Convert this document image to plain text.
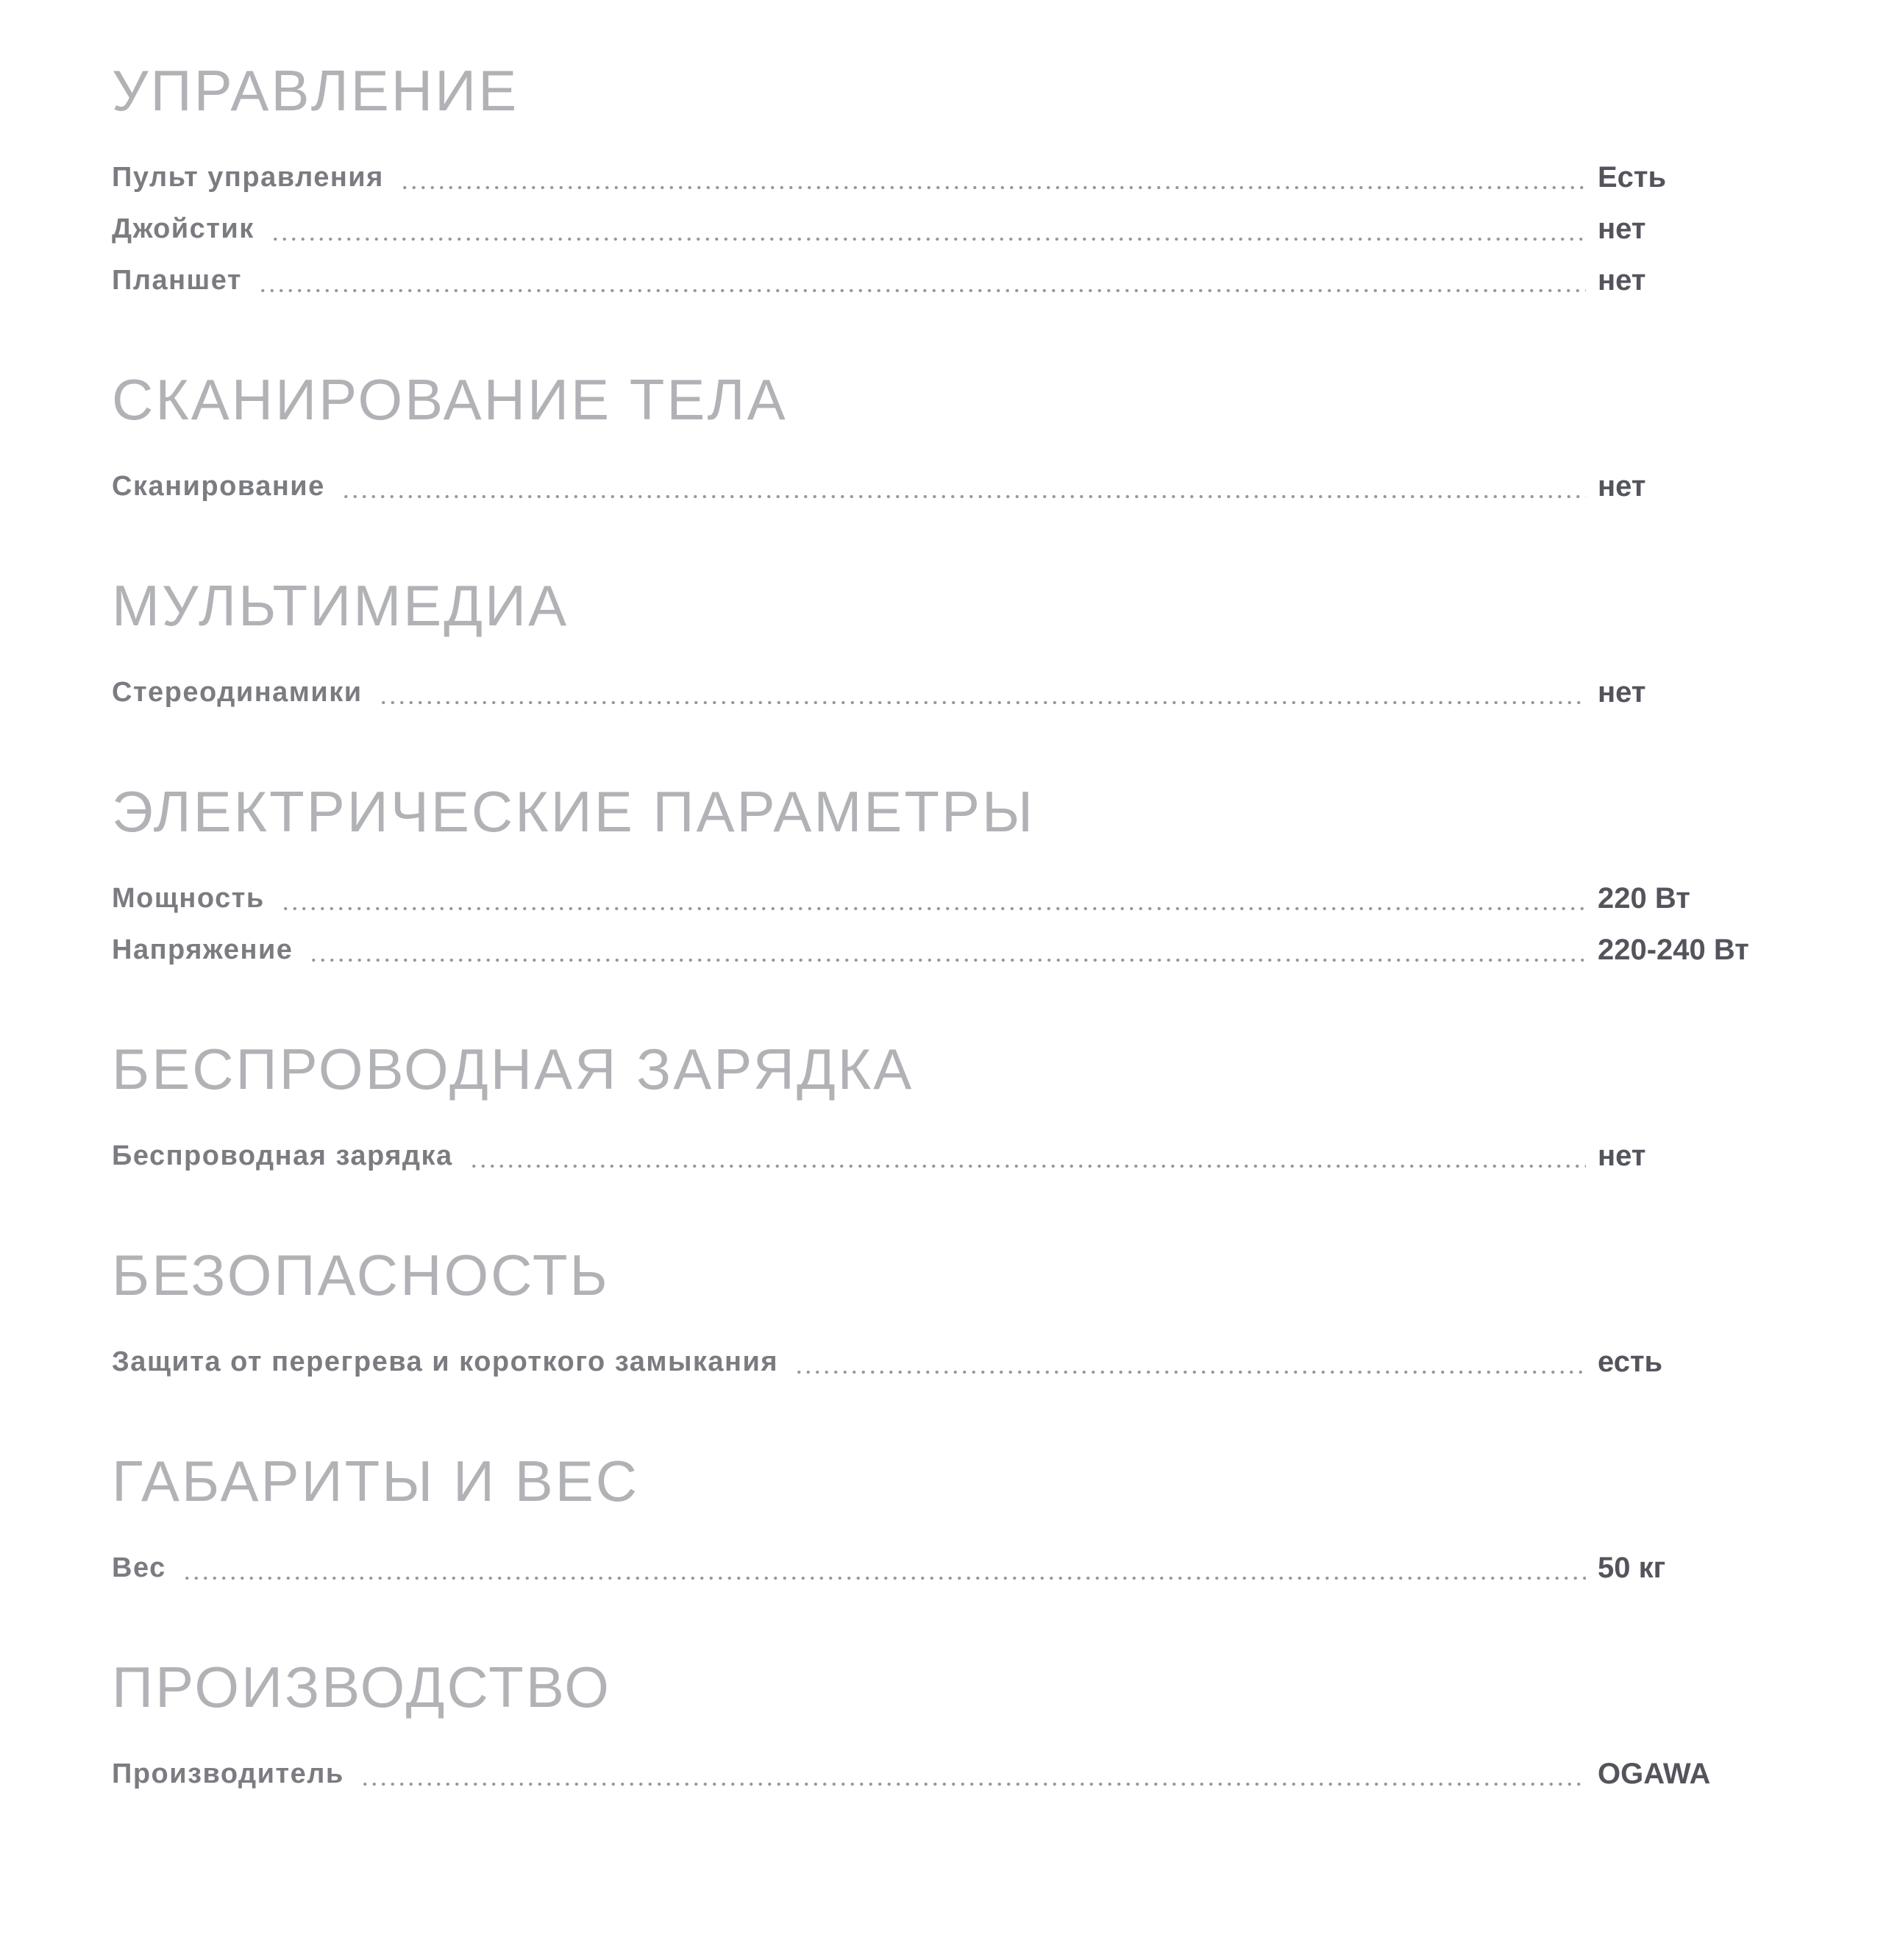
УПРАВЛЕНИЕ
Пульт управления	Есть
Джойстик	нет
Планшет	нет
СКАНИРОВАНИЕ ТЕЛА
Сканирование	нет
МУЛЬТИМЕДИА
Стереодинамики	нет
ЭЛЕКТРИЧЕСКИЕ ПАРАМЕТРЫ
Мощность	220 Вт
Напряжение	220-240 Вт
БЕСПРОВОДНАЯ ЗАРЯДКА
Беспроводная зарядка	нет
БЕЗОПАСНОСТЬ
Защита от перегрева и короткого замыкания	есть
ГАБАРИТЫ И ВЕС
Вес	50 кг
ПРОИЗВОДСТВО
Производитель	OGAWA
